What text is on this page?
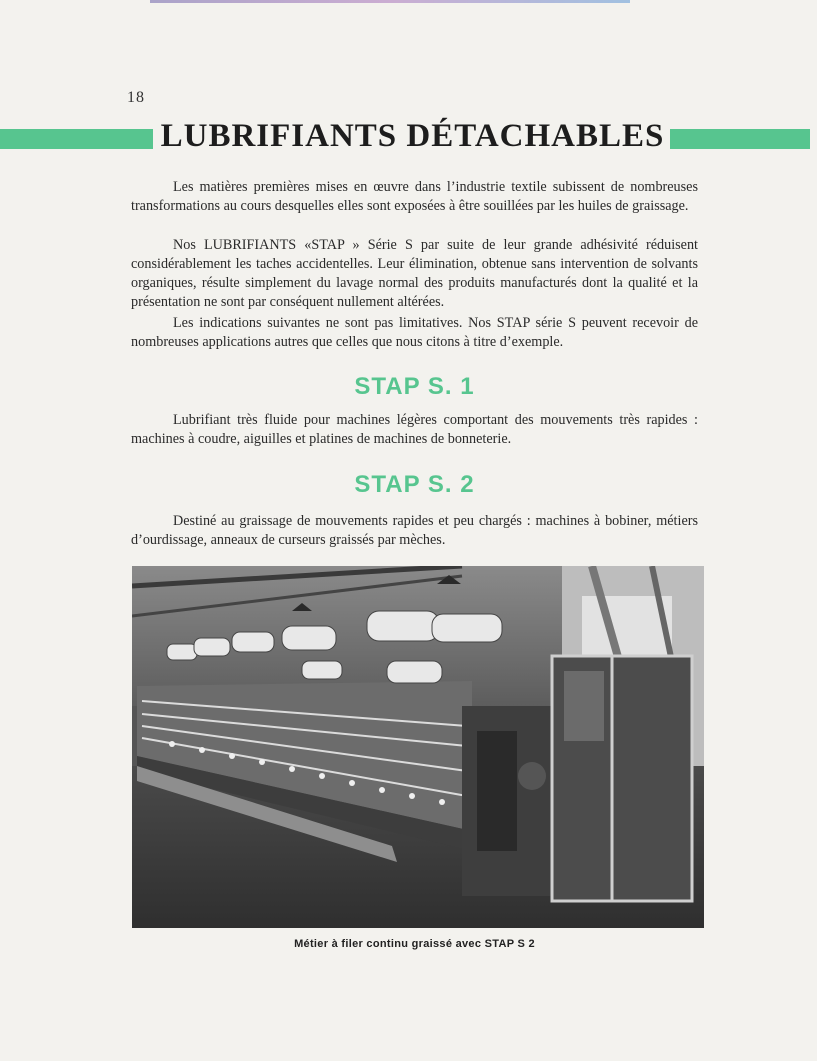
18
LUBRIFIANTS DÉTACHABLES

Les matières premières mises en œuvre dans l’industrie textile subissent de nombreuses transformations au cours desquelles elles sont exposées à être souillées par les huiles de graissage.

Nos LUBRIFIANTS «STAP » Série S par suite de leur grande adhésivité réduisent considérablement les taches accidentelles. Leur élimination, obtenue sans intervention de solvants organiques, résulte simplement du lavage normal des produits manufacturés dont la qualité et la présentation ne sont par conséquent nullement altérées.

Les indications suivantes ne sont pas limitatives. Nos STAP série S peuvent recevoir de nombreuses applications autres que celles que nous citons à titre d’exemple.

STAP S. 1

Lubrifiant très fluide pour machines légères comportant des mouvements très rapides : machines à coudre, aiguilles et platines de machines de bonneterie.

STAP S. 2

Destiné au graissage de mouvements rapides et peu chargés : machines à bobiner, métiers d’ourdissage, anneaux de curseurs graissés par mèches.

Métier à filer continu graissé avec STAP S 2
